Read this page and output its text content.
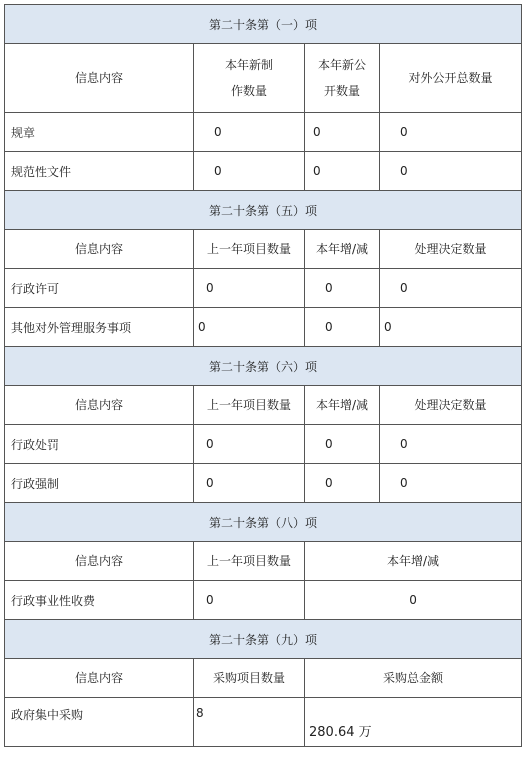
第二十条第（一）项			
信息内容	本年新制作数量	本年新公开数量	对外公开总数量
规章	0	0	0
规范性文件	0	0	0
第二十条第（五）项			
信息内容	上一年项目数量	本年增/减	处理决定数量
行政许可	0	0	0
其他对外管理服务事项	0	0	0
第二十条第（六）项			
信息内容	上一年项目数量	本年增/减	处理决定数量
行政处罚	0	0	0
行政强制	0	0	0
第二十条第（八）项			
信息内容	上一年项目数量	本年增/减	
行政事业性收费	0	0	
第二十条第（九）项			
信息内容	采购项目数量	采购总金额	
政府集中采购	8	280.64 万	
